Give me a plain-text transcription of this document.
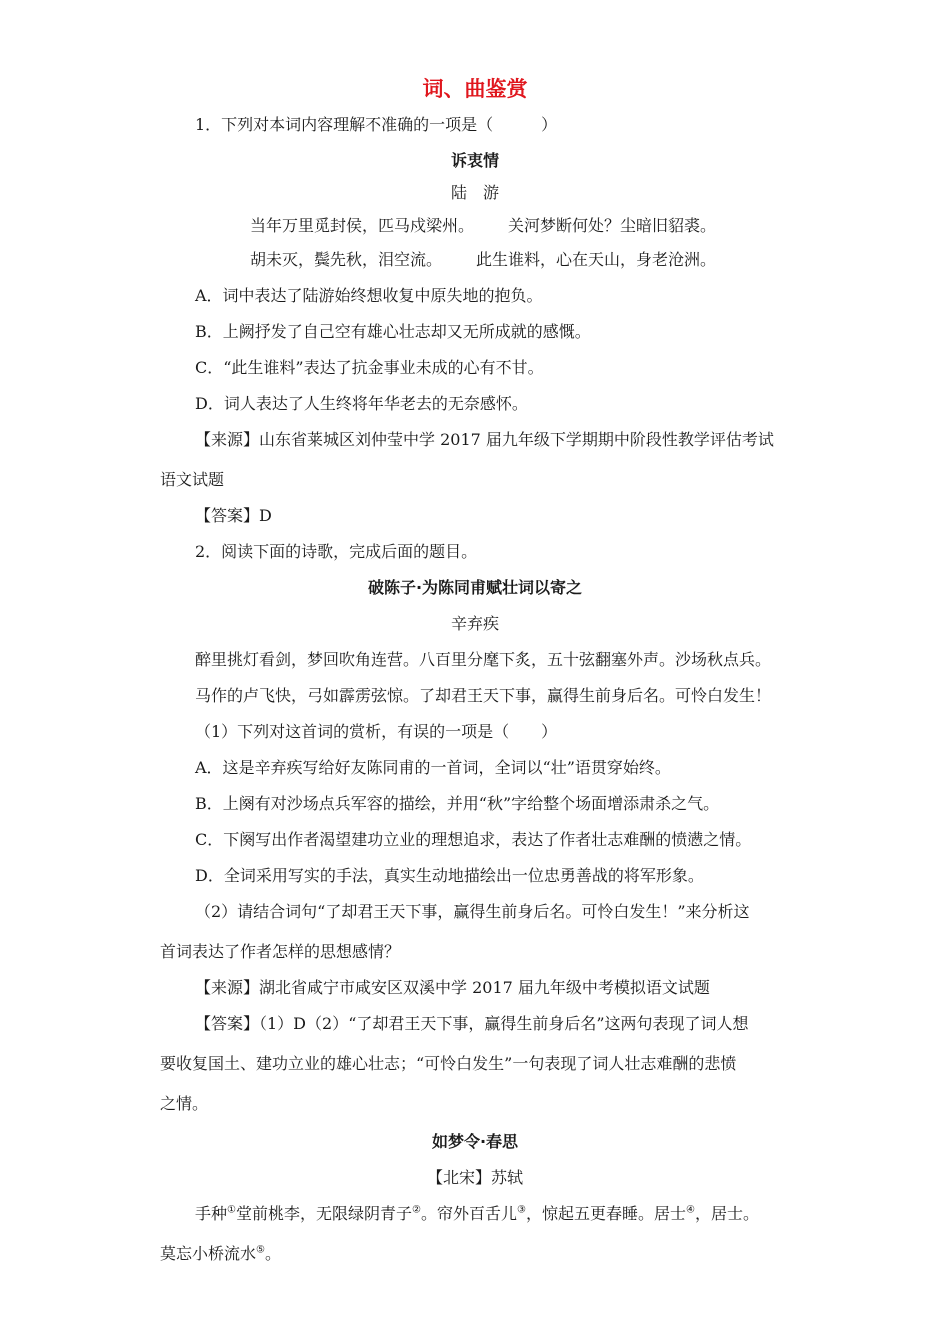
词、曲鉴赏
1．下列对本词内容理解不准确的一项是（　　　）
诉衷情
陆　游
当年万里觅封侯，匹马戍梁州。 关河梦断何处？尘暗旧貂裘。
胡未灭，鬓先秋，泪空流。 此生谁料，心在天山，身老沧洲。
A．词中表达了陆游始终想收复中原失地的抱负。
B．上阙抒发了自己空有雄心壮志却又无所成就的感慨。
C．“此生谁料”表达了抗金事业未成的心有不甘。
D．词人表达了人生终将年华老去的无奈感怀。
【来源】山东省莱城区刘仲莹中学 2017 届九年级下学期期中阶段性教学评估考试
语文试题
【答案】D
2．阅读下面的诗歌，完成后面的题目。
破陈子·为陈同甫赋壮词以寄之
辛弃疾
醉里挑灯看剑，梦回吹角连营。八百里分麾下炙，五十弦翻塞外声。沙场秋点兵。
马作的卢飞快，弓如霹雳弦惊。了却君王天下事，赢得生前身后名。可怜白发生！
（1）下列对这首词的赏析，有误的一项是（　　）
A．这是辛弃疾写给好友陈同甫的一首词，全词以“壮”语贯穿始终。
B．上阕有对沙场点兵军容的描绘，并用“秋”字给整个场面增添肃杀之气。
C．下阕写出作者渴望建功立业的理想追求，表达了作者壮志难酬的愤懑之情。
D．全词采用写实的手法，真实生动地描绘出一位忠勇善战的将军形象。
（2）请结合词句“了却君王天下事，赢得生前身后名。可怜白发生！”来分析这
首词表达了作者怎样的思想感情？
【来源】湖北省咸宁市咸安区双溪中学 2017 届九年级中考模拟语文试题
【答案】（1）D（2）“了却君王天下事，赢得生前身后名”这两句表现了词人想
要收复国土、建功立业的雄心壮志；“可怜白发生”一句表现了词人壮志难酬的悲愤
之情。
如梦令·春思
【北宋】苏轼
手种①堂前桃李，无限绿阴青子②。帘外百舌儿③，惊起五更春睡。居士④，居士。
莫忘小桥流水⑤。
